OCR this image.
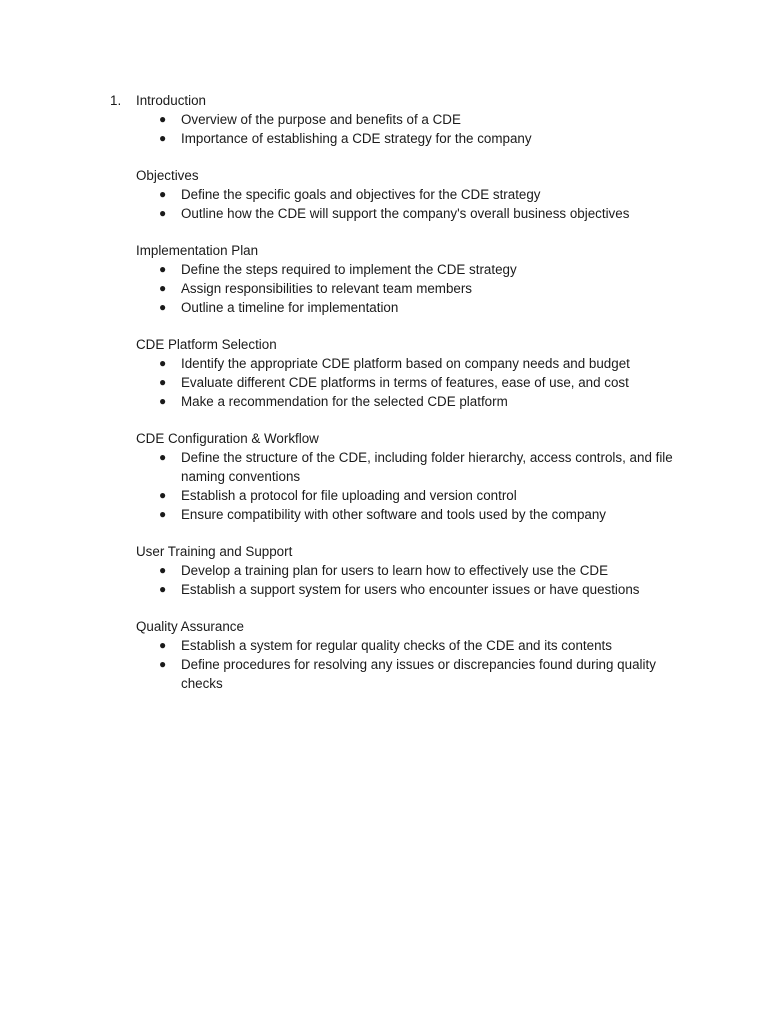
1. Introduction
● Overview of the purpose and benefits of a CDE
● Importance of establishing a CDE strategy for the company
Objectives
● Define the specific goals and objectives for the CDE strategy
● Outline how the CDE will support the company's overall business objectives
Implementation Plan
● Define the steps required to implement the CDE strategy
● Assign responsibilities to relevant team members
● Outline a timeline for implementation
CDE Platform Selection
● Identify the appropriate CDE platform based on company needs and budget
● Evaluate different CDE platforms in terms of features, ease of use, and cost
● Make a recommendation for the selected CDE platform
CDE Configuration & Workflow
● Define the structure of the CDE, including folder hierarchy, access controls, and file naming conventions
● Establish a protocol for file uploading and version control
● Ensure compatibility with other software and tools used by the company
User Training and Support
● Develop a training plan for users to learn how to effectively use the CDE
● Establish a support system for users who encounter issues or have questions
Quality Assurance
● Establish a system for regular quality checks of the CDE and its contents
● Define procedures for resolving any issues or discrepancies found during quality checks
